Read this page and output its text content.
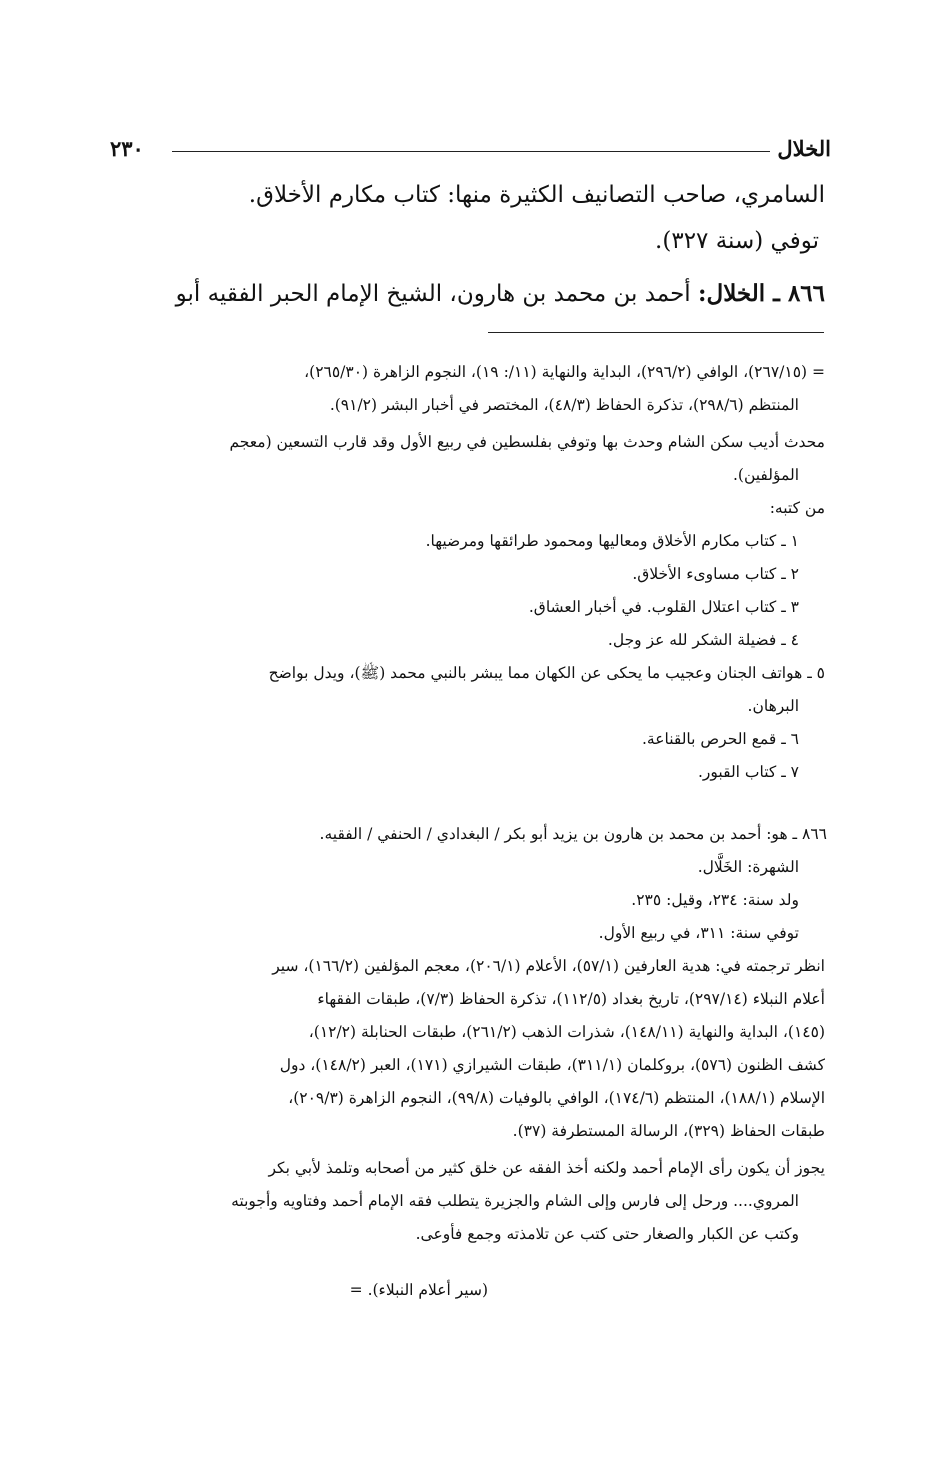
الخلال
٢٣٠
السامري، صاحب التصانيف الكثيرة منها: كتاب مكارم الأخلاق.
توفي (سنة ٣٢٧).
٨٦٦ ـ الخلال: أحمد بن محمد بن هارون، الشيخ الإمام الحبر الفقيه أبو

= (٢٦٧/١٥)، الوافي (٢٩٦/٢)، البداية والنهاية (١١/: ١٩)، النجوم الزاهرة (٢٦٥/٣٠)،

المنتظم (٢٩٨/٦)، تذكرة الحفاظ (٤٨/٣)، المختصر في أخبار البشر (٩١/٢).

محدث أديب سكن الشام وحدث بها وتوفي بفلسطين في ربيع الأول وقد قارب التسعين (معجم

المؤلفين).

من كتبه:

١ ـ كتاب مكارم الأخلاق ومعاليها ومحمود طرائقها ومرضيها.

٢ ـ كتاب مساوىء الأخلاق.

٣ ـ كتاب اعتلال القلوب. في أخبار العشاق.

٤ ـ فضيلة الشكر لله عز وجل.

٥ ـ هواتف الجنان وعجيب ما يحكى عن الكهان مما يبشر بالنبي محمد (ﷺ)، ويدل بواضح

البرهان.

٦ ـ قمع الحرص بالقناعة.

٧ ـ كتاب القبور.

٨٦٦ ـ هو: أحمد بن محمد بن هارون بن يزيد أبو بكر / البغدادي / الحنفي / الفقيه.

الشهرة: الخَلَّال.

ولد سنة: ٢٣٤، وقيل: ٢٣٥.

توفي سنة: ٣١١، في ربيع الأول.

انظر ترجمته في: هدية العارفين (٥٧/١)، الأعلام (٢٠٦/١)، معجم المؤلفين (١٦٦/٢)، سير

أعلام النبلاء (٢٩٧/١٤)، تاريخ بغداد (١١٢/٥)، تذكرة الحفاظ (٧/٣)، طبقات الفقهاء

(١٤٥)، البداية والنهاية (١٤٨/١١)، شذرات الذهب (٢٦١/٢)، طبقات الحنابلة (١٢/٢)،

كشف الظنون (٥٧٦)، بروكلمان (٣١١/١)، طبقات الشيرازي (١٧١)، العبر (١٤٨/٢)، دول

الإسلام (١٨٨/١)، المنتظم (١٧٤/٦)، الوافي بالوفيات (٩٩/٨)، النجوم الزاهرة (٢٠٩/٣)،

طبقات الحفاظ (٣٢٩)، الرسالة المستطرفة (٣٧).

يجوز أن يكون رأى الإمام أحمد ولكنه أخذ الفقه عن خلق كثير من أصحابه وتلمذ لأبي بكر

المروي.... ورحل إلى فارس وإلى الشام والجزيرة يتطلب فقه الإمام أحمد وفتاويه وأجوبته

وكتب عن الكبار والصغار حتى كتب عن تلامذته وجمع فأوعى.

(سير أعلام النبلاء). =
